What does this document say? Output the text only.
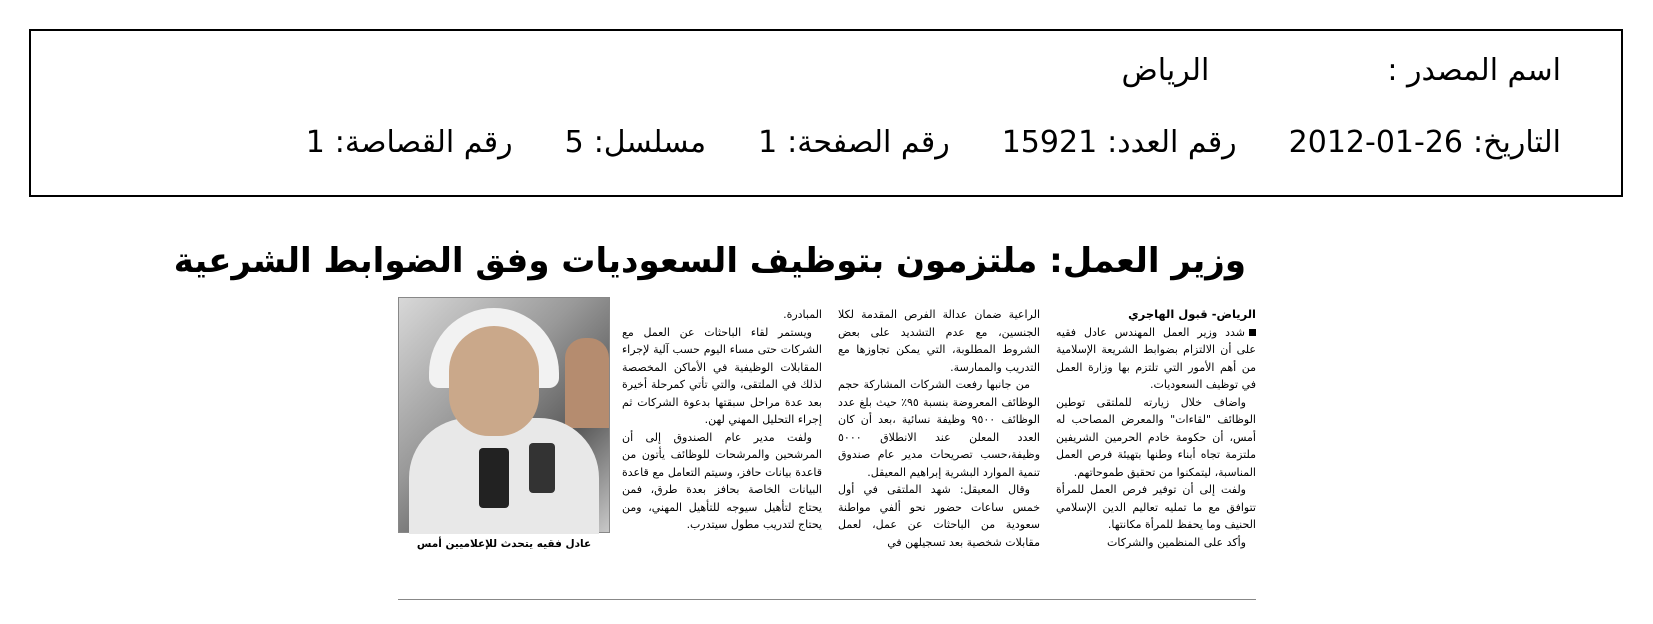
اسم المصدر :
الرياض
التاريخ:
2012-01-26
رقم العدد:
15921
رقم الصفحة:
1
مسلسل:
5
رقم القصاصة:
1
وزير العمل: ملتزمون بتوظيف السعوديات وفق الضوابط الشرعية
الرياض- قبول الهاجري

شدد وزير العمل المهندس عادل فقيه على أن الالتزام بضوابط الشريعة الإسلامية من أهم الأمور التي تلتزم بها وزارة العمل في توظيف السعوديات.

واضاف خلال زيارته للملتقى توطين الوظائف "لقاءات" والمعرض المصاحب له أمس، أن حكومة خادم الحرمين الشريفين ملتزمة تجاه أبناء وطنها بتهيئة فرص العمل المناسبة، ليتمكنوا من تحقيق طموحاتهم.

ولفت إلى أن توفير فرص العمل للمرأة تتوافق مع ما تمليه تعاليم الدين الإسلامي الحنيف وما يحفظ للمرأة مكانتها.

وأكد على المنظمين والشركات

الراعية ضمان عدالة الفرص المقدمة لكلا الجنسين، مع عدم التشديد على بعض الشروط المطلوبة، التي يمكن تجاوزها مع التدريب والممارسة.

من جانبها رفعت الشركات المشاركة حجم الوظائف المعروضة بنسبة ٩٥٪ حيث بلغ عدد الوظائف ٩٥٠٠ وظيفة نسائية ،بعد أن كان العدد المعلن عند الانطلاق ٥٠٠٠ وظيفة،حسب تصريحات مدير عام صندوق تنمية الموارد البشرية إبراهيم المعيقل.

وقال المعيقل: شهد الملتقى في أول خمس ساعات حضور نحو ألفي مواطنة سعودية من الباحثات عن عمل، لعمل مقابلات شخصية بعد تسجيلهن في

المبادرة.

ويستمر لقاء الباحثات عن العمل مع الشركات حتى مساء اليوم حسب آلية لإجراء المقابلات الوظيفية في الأماكن المخصصة لذلك في الملتقى، والتي تأتي كمرحلة أخيرة بعد عدة مراحل سبقتها بدعوة الشركات ثم إجراء التحليل المهني لهن.

ولفت مدير عام الصندوق إلى أن المرشحين والمرشحات للوظائف يأتون من قاعدة بيانات حافز، وسيتم التعامل مع قاعدة البيانات الخاصة بحافز بعدة طرق، فمن يحتاج لتأهيل سيوجه للتأهيل المهني، ومن يحتاج لتدريب مطول سيتدرب.

عادل فقيه يتحدث للإعلاميين أمس
